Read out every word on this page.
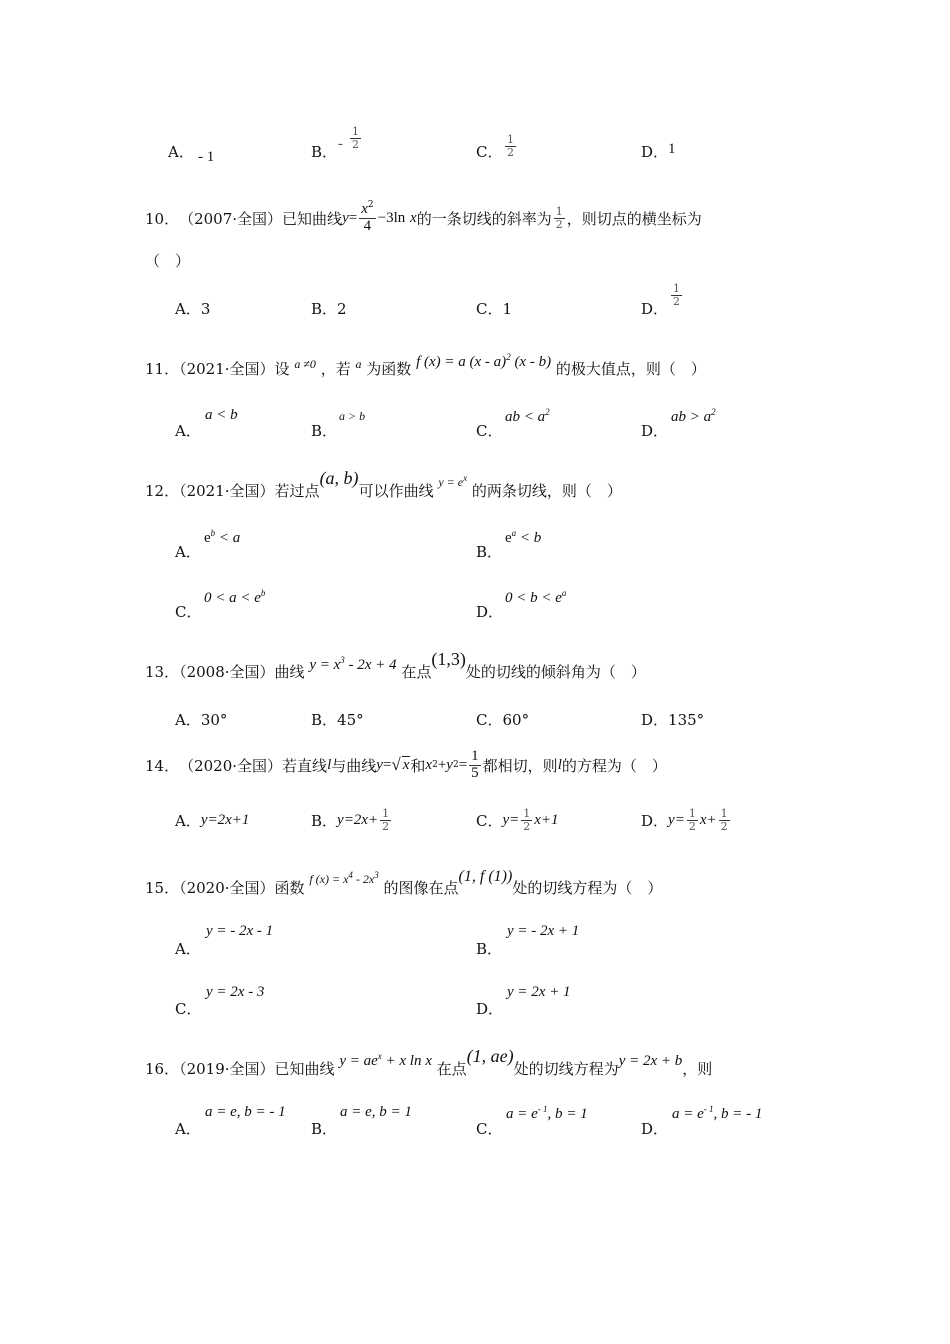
A． - 1	B． - $\frac{1}{2}$
C． $\frac{1}{2}$	D． 1
10． （2007·全国） 已知曲线 $y = \frac{x^2}{4} -3\ln$
x 的一条切线的斜率为 $\frac{1}{2}$ ，则切点的横坐标为
（　）
A．3	B．2	C．1	D．
$\frac{1}{2}$
11．（2021·全国）设 $^{a \ne 0}$ ，若 $^a$ 为函数 f (x) = a (x - a)$^2$ (x - b) 的极大值点，则（　）
A．
a < b
B．
a > b
C．
ab < $a^2$
D．
ab > $a^2$
12．（2021·全国）若过点(a, b)可以作曲线 $^{y = e^x}$ 的两条切线，则（　）
A．
$e^b < a$
B．
$e^a < b$
C．
$0 < a < e^b$
D．
$0 < b < e^a$
13．（2008·全国）曲线 $y = x^3 - 2x + 4$ 在点(1,3)处的切线的倾斜角为（　）
A．30°	B．45°	C．60°	D．135°
14． （2020·全国） 若直线 l 与曲线 y = √ x 和 x 2 + y $2 = \frac{1}{5}$ 都相切，则 l 的方程为（　）
A． y=2x+1	B． $y=2x+ \frac{1}{2}$	C． $y= \frac{1}{2} x+1$	D． $y= \frac{1}{2} x+ \frac{1}{2}$
15．（2020·全国）函数 $^{f (x) = x^4 - 2x^3}$ 的图像在点(1, f (1))处的切线方程为（　）
A．
y = - 2x - 1
B．
y = - 2x + 1
C．
y = 2x - 3
D．
y = 2x + 1
16．（2019·全国）已知曲线 $y = ae^x + x$ ln x 在点(1, ae)处的切线方程为y = 2x + b，则
A．
a = e, b = - 1
B．
a = e, b = 1
C．
$a = e^{- 1}$, b = 1
D．
$a = e^{- 1}$, b = - 1
